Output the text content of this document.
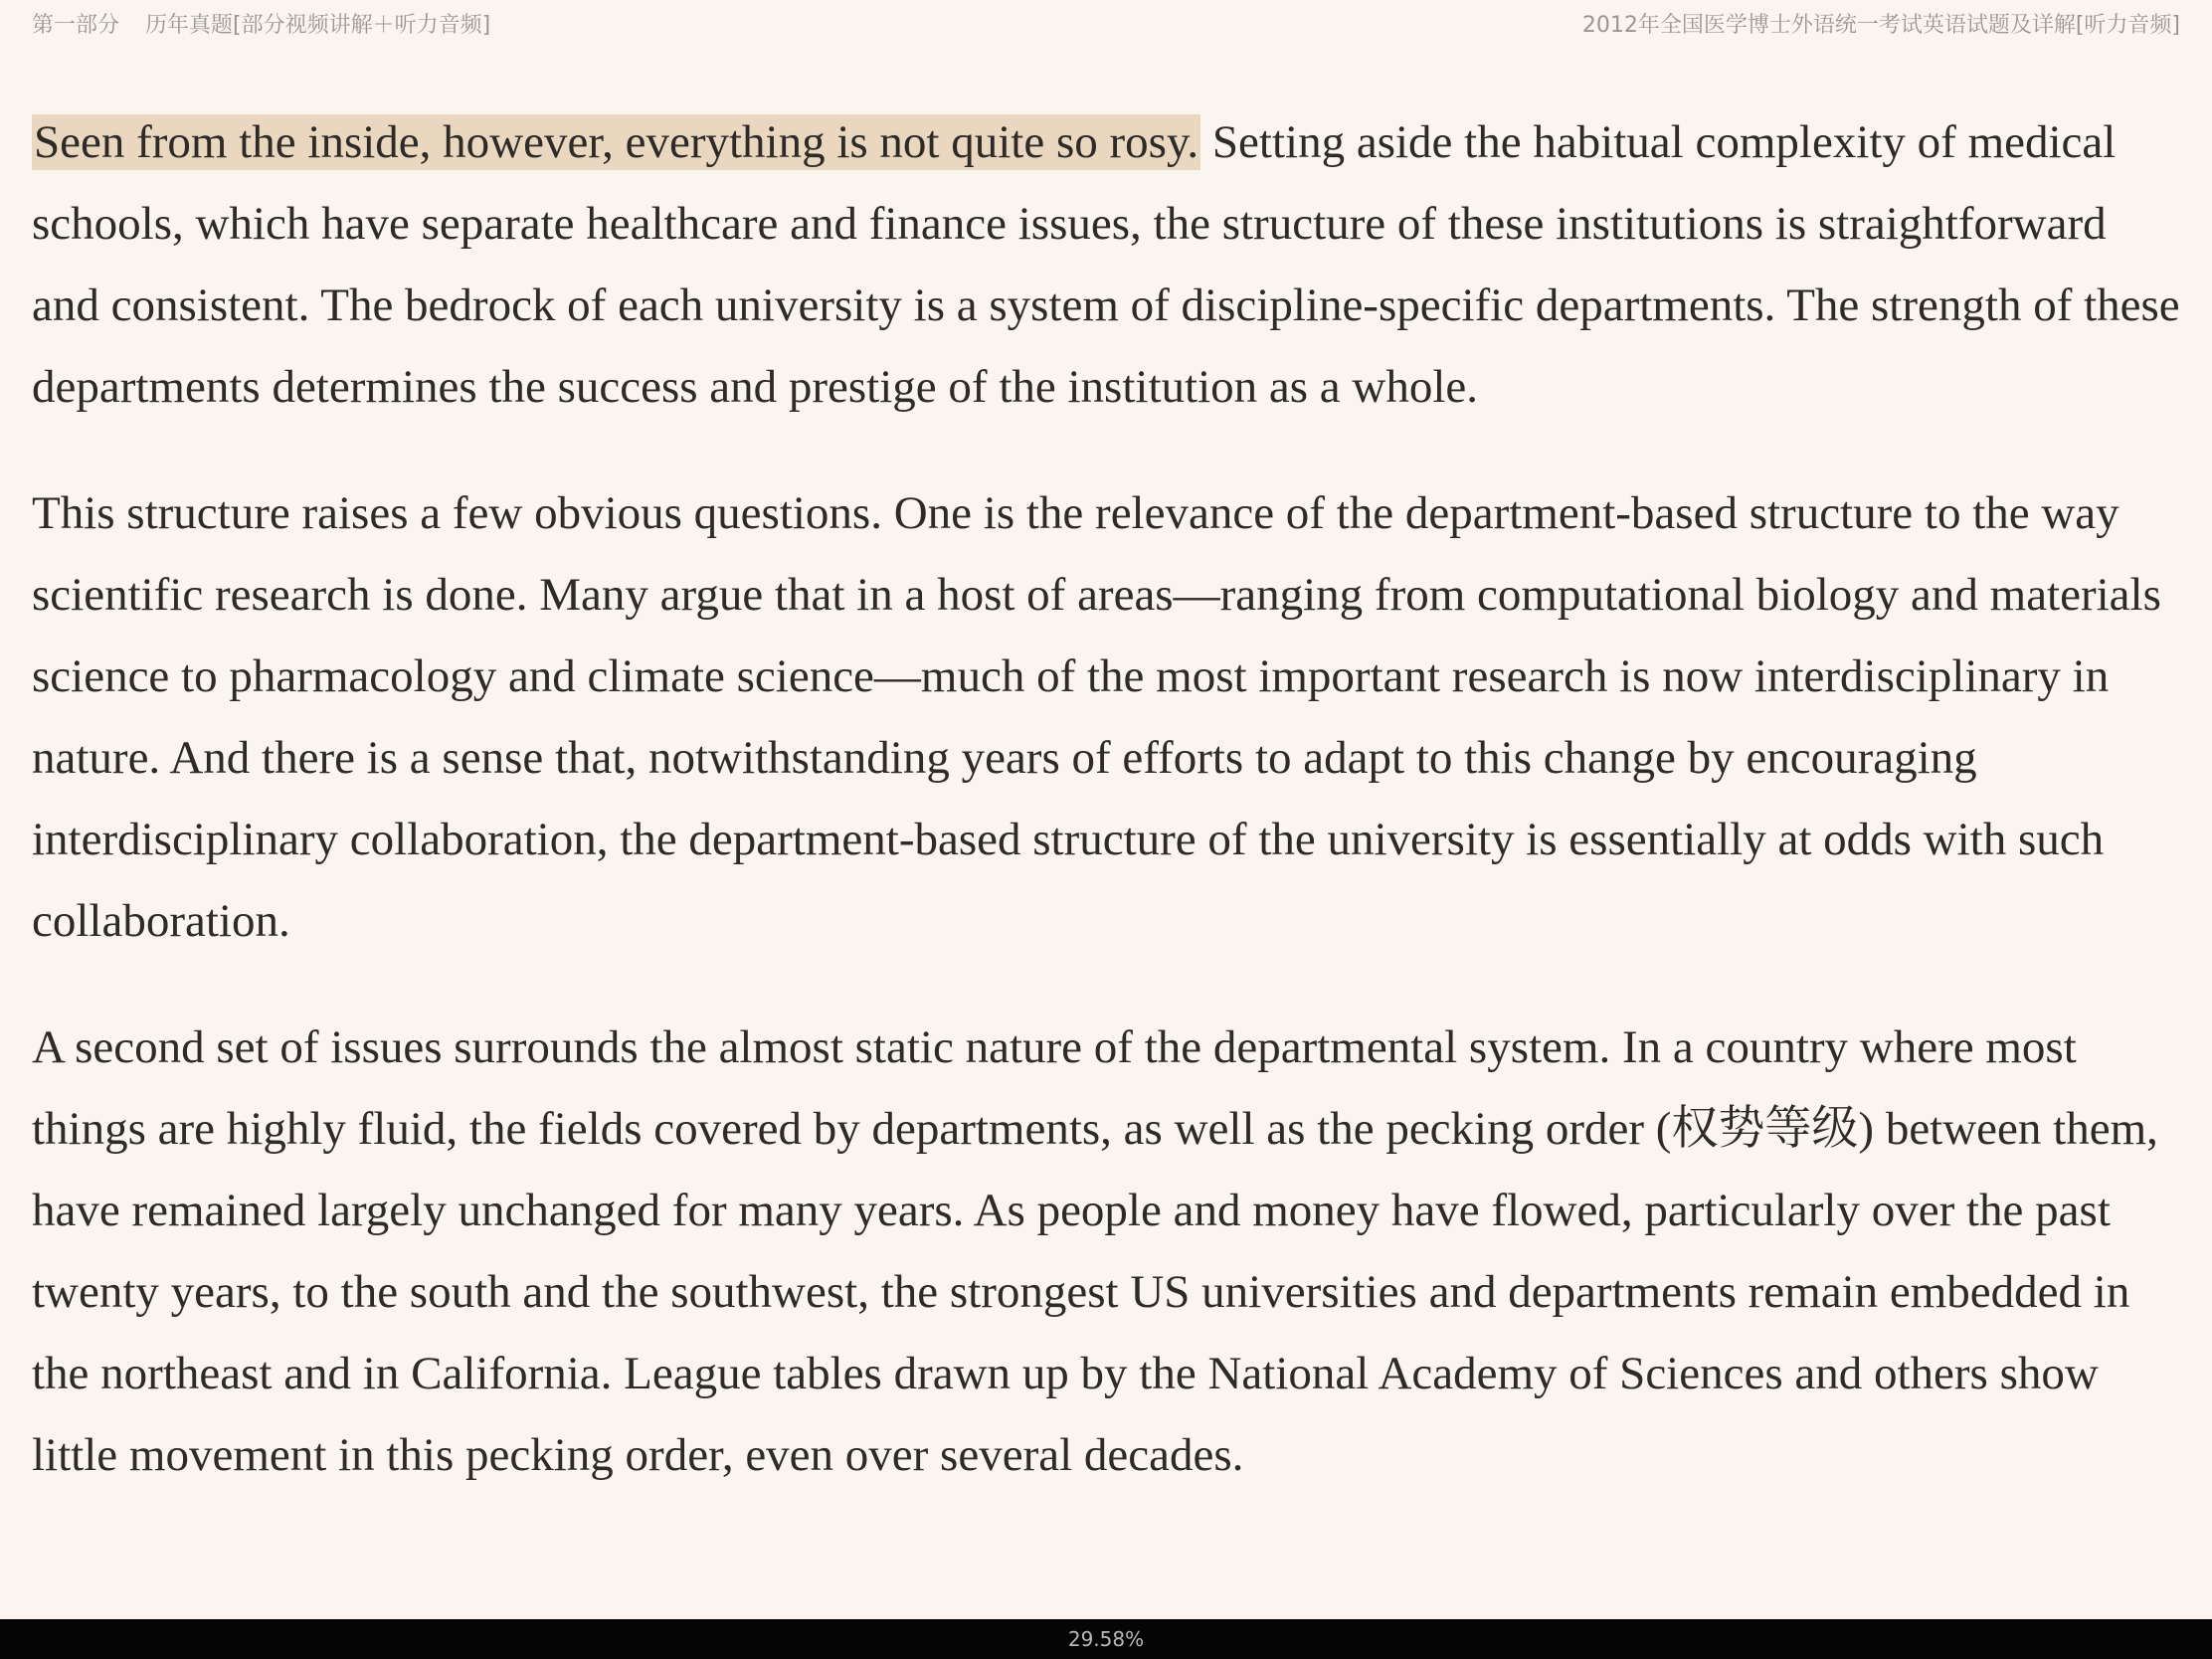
第一部分 历年真题[部分视频讲解＋听力音频]	2012年全国医学博士外语统一考试英语试题及详解[听力音频]

Seen from the inside, however, everything is not quite so rosy. Setting aside the habitual complexity of medical schools, which have separate healthcare and finance issues, the structure of these institutions is straightforward and consistent. The bedrock of each university is a system of discipline-specific departments. The strength of these departments determines the success and prestige of the institution as a whole.

This structure raises a few obvious questions. One is the relevance of the department-based structure to the way scientific research is done. Many argue that in a host of areas—ranging from computational biology and materials science to pharmacology and climate science—much of the most important research is now interdisciplinary in nature. And there is a sense that, notwithstanding years of efforts to adapt to this change by encouraging interdisciplinary collaboration, the department-based structure of the university is essentially at odds with such collaboration.

A second set of issues surrounds the almost static nature of the departmental system. In a country where most things are highly fluid, the fields covered by departments, as well as the pecking order (权势等级) between them, have remained largely unchanged for many years. As people and money have flowed, particularly over the past twenty years, to the south and the southwest, the strongest US universities and departments remain embedded in the northeast and in California. League tables drawn up by the National Academy of Sciences and others show little movement in this pecking order, even over several decades.

29.58%
